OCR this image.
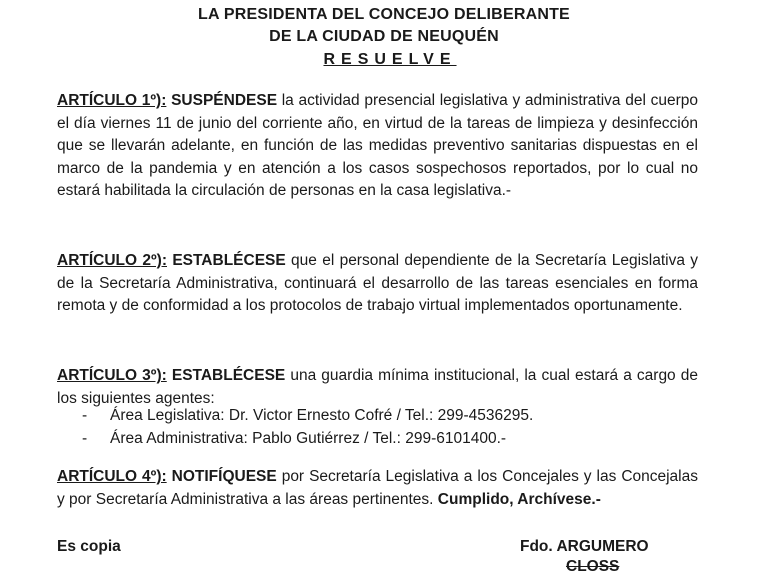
LA PRESIDENTA DEL CONCEJO DELIBERANTE
DE LA CIUDAD DE NEUQUÉN
RESUELVE
ARTÍCULO 1º): SUSPÉNDESE la actividad presencial legislativa y administrativa del cuerpo el día viernes 11 de junio del corriente año, en virtud de la tareas de limpieza y desinfección que se llevarán adelante, en función de las medidas preventivo sanitarias dispuestas en el marco de la pandemia y en atención a los casos sospechosos reportados, por lo cual no estará habilitada la circulación de personas en la casa legislativa.-
ARTÍCULO 2º): ESTABLÉCESE que el personal dependiente de la Secretaría Legislativa y de la Secretaría Administrativa, continuará el desarrollo de las tareas esenciales en forma remota y de conformidad a los protocolos de trabajo virtual implementados oportunamente.
ARTÍCULO 3º): ESTABLÉCESE una guardia mínima institucional, la cual estará a cargo de los siguientes agentes:
-	Área Legislativa: Dr. Victor Ernesto Cofré / Tel.: 299-4536295.
-	Área Administrativa: Pablo Gutiérrez / Tel.: 299-6101400.-
ARTÍCULO 4º): NOTIFÍQUESE por Secretaría Legislativa a los Concejales y las Concejalas y por Secretaría Administrativa a las áreas pertinentes. Cumplido, Archívese.-
Es copia	Fdo. ARGUMERO
CLOSS
